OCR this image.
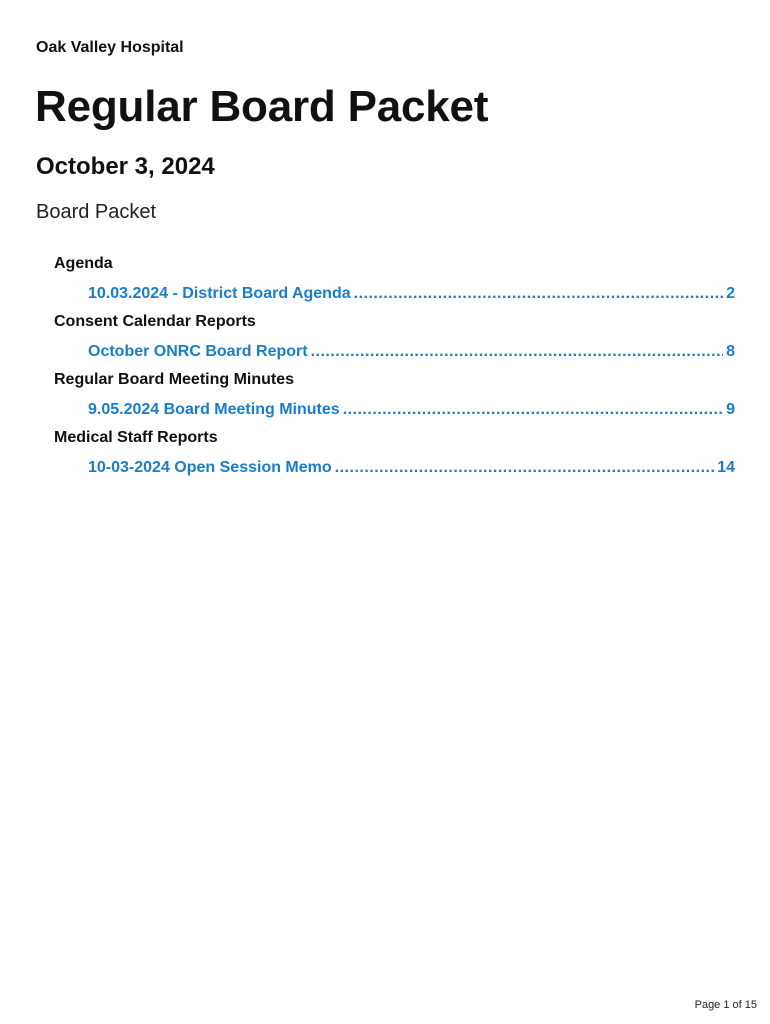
Oak Valley Hospital
Regular Board Packet
October 3, 2024
Board Packet
Agenda
10.03.2024 - District Board Agenda .....	2
Consent Calendar Reports
October ONRC Board Report .....	8
Regular Board Meeting Minutes
9.05.2024 Board Meeting Minutes .....	9
Medical Staff Reports
10-03-2024 Open Session Memo .....	14
Page 1 of 15
